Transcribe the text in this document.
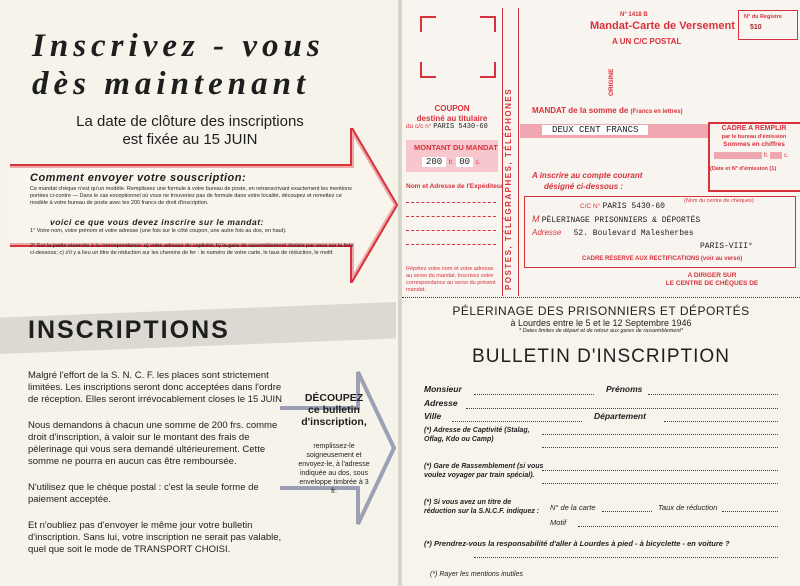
Inscrivez - vous
dès maintenant
La date de clôture des inscriptions
est fixée au 15 JUIN
Comment envoyer votre souscription:
Ce mandat chèque n'est qu'un modèle. Remplissez une formule à votre bureau de poste, en retranscrivant exactement les mentions portées ci-contre — Dans le cas exceptionnel où vous ne trouveriez pas de formule dans votre localité, découpez et remettez ce modèle à votre bureau de poste avec les 200 francs de droit d'inscription.
voici ce que vous devez inscrire sur le mandat:
1° Votre nom, votre prénom et votre adresse (une fois sur le côté coupon, une autre fois au dos, en haut).
2° Sur la partie réservée à la correspondance: a) votre adresse de captivité; b) la gare de rassemblement choisie par vous sur la liste ci-dessous; c) s'il y a lieu un titre de réduction sur les chemins de fer : le numéro de votre carte, le taux de réduction, le motif.
INSCRIPTIONS
Malgré l'effort de la S. N. C. F. les places sont strictement limitées. Les inscriptions seront donc acceptées dans l'ordre de réception. Elles seront irrévocablement closes le 15 JUIN
Nous demandons à chacun une somme de 200 frs. comme droit d'inscription, à valoir sur le montant des frais de pèlerinage qui vous sera demandé ultérieurement. Cette somme ne pourra en aucun cas être remboursée.
N'utilisez que le chèque postal : c'est la seule forme de paiement acceptée.
Et n'oubliez pas d'envoyer le même jour votre bulletin d'inscription. Sans lui, votre inscription ne serait pas valable, quel que soit le mode de TRANSPORT CHOISI.
DÉCOUPEZ ce bulletin d'inscription,
remplissez-le soigneusement et envoyez-le, à l'adresse indiquée au dos, sous enveloppe timbrée à 3 fr.
COUPON
destiné au titulaire
du c/c n° PARIS 5430-60
MONTANT DU MANDAT
200 fr. 00 c.
Nom et Adresse de l'Expéditeur
Répétez votre nom et votre adresse au verso du mandat. Inscrivez votre correspondance au verso du présent mandat.	POSTES, TÉLÉGRAPHES, TÉLÉPHONES
N° 1418 B
Mandat-Carte de Versement
A UN C/C POSTAL
N° du Registre
510
ORIGINE
MANDAT de la somme de (Francs en lettres)
DEUX CENT FRANCS	CADRE A REMPLIR
par le bureau d'émission
Sommes en chiffres
fr.	c.
(Date et N° d'émission (1)
A inscrire au compte courant
désigné ci-dessous :
C/C N° PARIS 5430-60
(Nom du centre de chèques)
M PÈLERINAGE PRISONNIERS & DÉPORTÉS
Adresse 52. Boulevard Malesherbes
PARIS-VIII°
CADRE RESERVE AUX RECTIFICATIONS (voir au verso)
A DIRIGER SUR
LE CENTRE DE CHÈQUES DE
PÉLERINAGE DES PRISONNIERS ET DÉPORTÉS
à Lourdes entre le 5 et le 12 Septembre 1946
* Dates limites de départ et de retour aux gares de rassemblement*
BULLETIN D'INSCRIPTION
Monsieur	Prénoms
Adresse
Ville	Département
(*) Adresse de Captivité (Stalag, Oflag, Kdo ou Camp)
(*) Gare de Rassemblement (si vous voulez voyager par train spécial).
(*) Si vous avez un titre de réduction sur la S.N.C.F. indiquez :	N° de la carte	Taux de réduction
Motif
(*) Prendrez-vous la responsabilité d'aller à Lourdes à pied - à bicyclette - en voiture ?
(*) Rayer les mentions inutiles
